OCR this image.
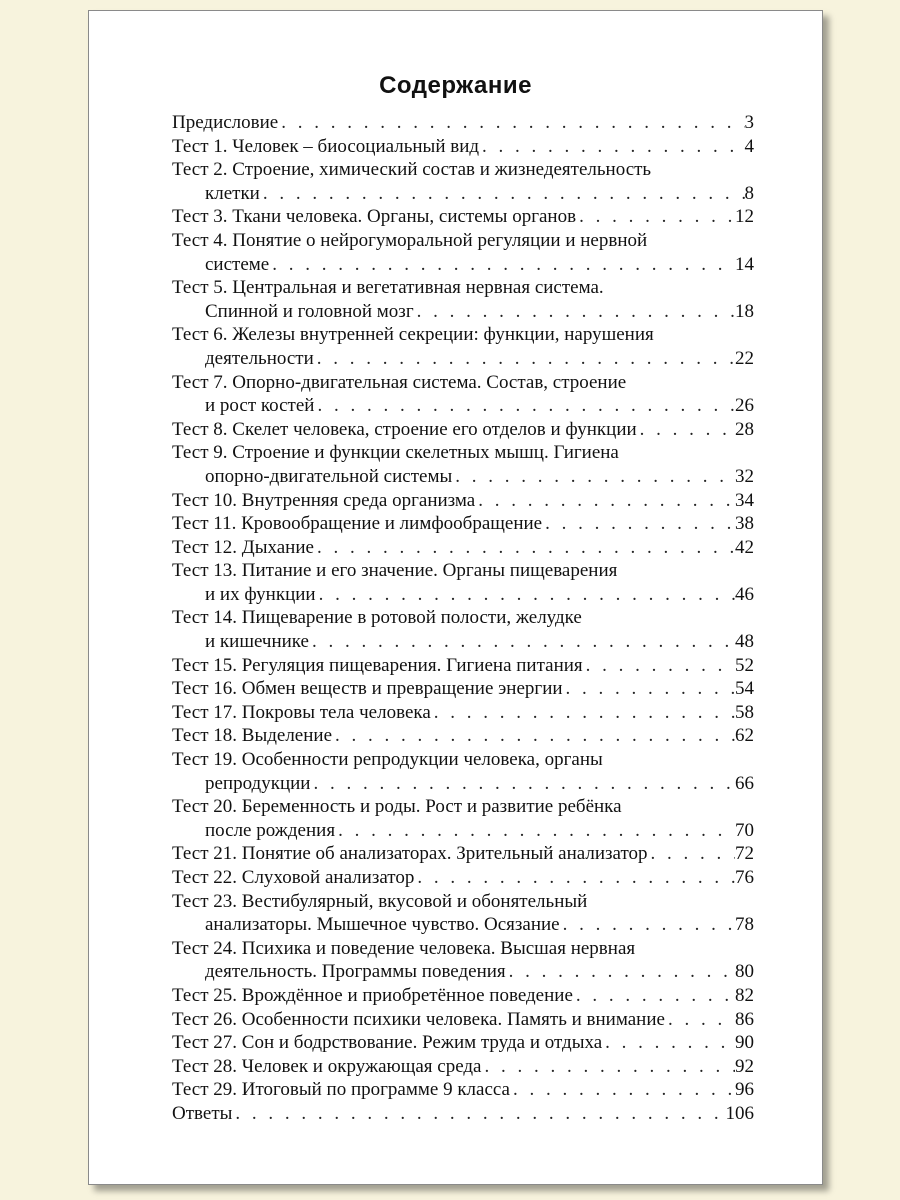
Содержание
Предисловие . . .	3
Тест 1. Человек – биосоциальный вид . . .	4
Тест 2. Строение, химический состав и жизнедеятельность
клетки . . .	8
Тест 3. Ткани человека. Органы, системы органов . . .	12
Тест 4. Понятие о нейрогуморальной регуляции и нервной
системе . . .	14
Тест 5. Центральная и вегетативная нервная система.
Спинной и головной мозг . . .	18
Тест 6. Железы внутренней секреции: функции, нарушения
деятельности . . .	22
Тест 7. Опорно-двигательная система. Состав, строение
и рост костей . . .	26
Тест 8. Скелет человека, строение его отделов и функции . . .	28
Тест 9. Строение и функции скелетных мышц. Гигиена
опорно-двигательной системы . . .	32
Тест 10. Внутренняя среда организма . . .	34
Тест 11. Кровообращение и лимфообращение . . .	38
Тест 12. Дыхание . . .	42
Тест 13. Питание и его значение. Органы пищеварения
и их функции . . .	46
Тест 14. Пищеварение в ротовой полости, желудке
и кишечнике . . .	48
Тест 15. Регуляция пищеварения. Гигиена питания . . .	52
Тест 16. Обмен веществ и превращение энергии . . .	54
Тест 17. Покровы тела человека . . .	58
Тест 18. Выделение . . .	62
Тест 19. Особенности репродукции человека, органы
репродукции . . .	66
Тест 20. Беременность и роды. Рост и развитие ребёнка
после рождения . . .	70
Тест 21. Понятие об анализаторах. Зрительный анализатор . . .	72
Тест 22. Слуховой анализатор . . .	76
Тест 23. Вестибулярный, вкусовой и обонятельный
анализаторы. Мышечное чувство. Осязание . . .	78
Тест 24. Психика и поведение человека. Высшая нервная
деятельность. Программы поведения . . .	80
Тест 25. Врождённое и приобретённое поведение . . .	82
Тест 26. Особенности психики человека. Память и внимание . . .	86
Тест 27. Сон и бодрствование. Режим труда и отдыха . . .	90
Тест 28. Человек и окружающая среда . . .	92
Тест 29. Итоговый по программе 9 класса . . .	96
Ответы . . .	106
